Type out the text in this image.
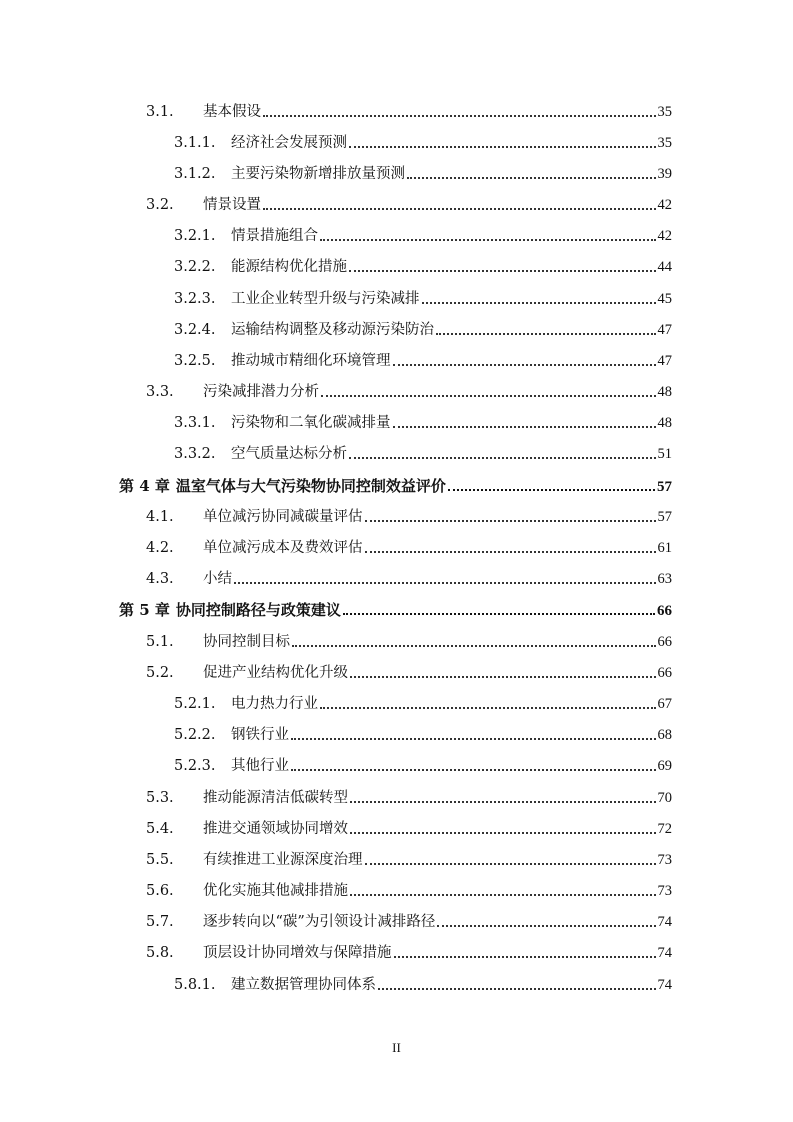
3.1.	基本假设	35
3.1.1.	经济社会发展预测	35
3.1.2.	主要污染物新增排放量预测	39
3.2.	情景设置	42
3.2.1.	情景措施组合	42
3.2.2.	能源结构优化措施	44
3.2.3.	工业企业转型升级与污染减排	45
3.2.4.	运输结构调整及移动源污染防治	47
3.2.5.	推动城市精细化环境管理	47
3.3.	污染减排潜力分析	48
3.3.1.	污染物和二氧化碳减排量	48
3.3.2.	空气质量达标分析	51
第 4 章 温室气体与大气污染物协同控制效益评价	57
4.1.	单位减污协同减碳量评估	57
4.2.	单位减污成本及费效评估	61
4.3.	小结	63
第 5 章 协同控制路径与政策建议	66
5.1.	协同控制目标	66
5.2.	促进产业结构优化升级	66
5.2.1.	电力热力行业	67
5.2.2.	钢铁行业	68
5.2.3.	其他行业	69
5.3.	推动能源清洁低碳转型	70
5.4.	推进交通领域协同增效	72
5.5.	有续推进工业源深度治理	73
5.6.	优化实施其他减排措施	73
5.7.	逐步转向以“碳”为引领设计减排路径	74
5.8.	顶层设计协同增效与保障措施	74
5.8.1.	建立数据管理协同体系	74
II
